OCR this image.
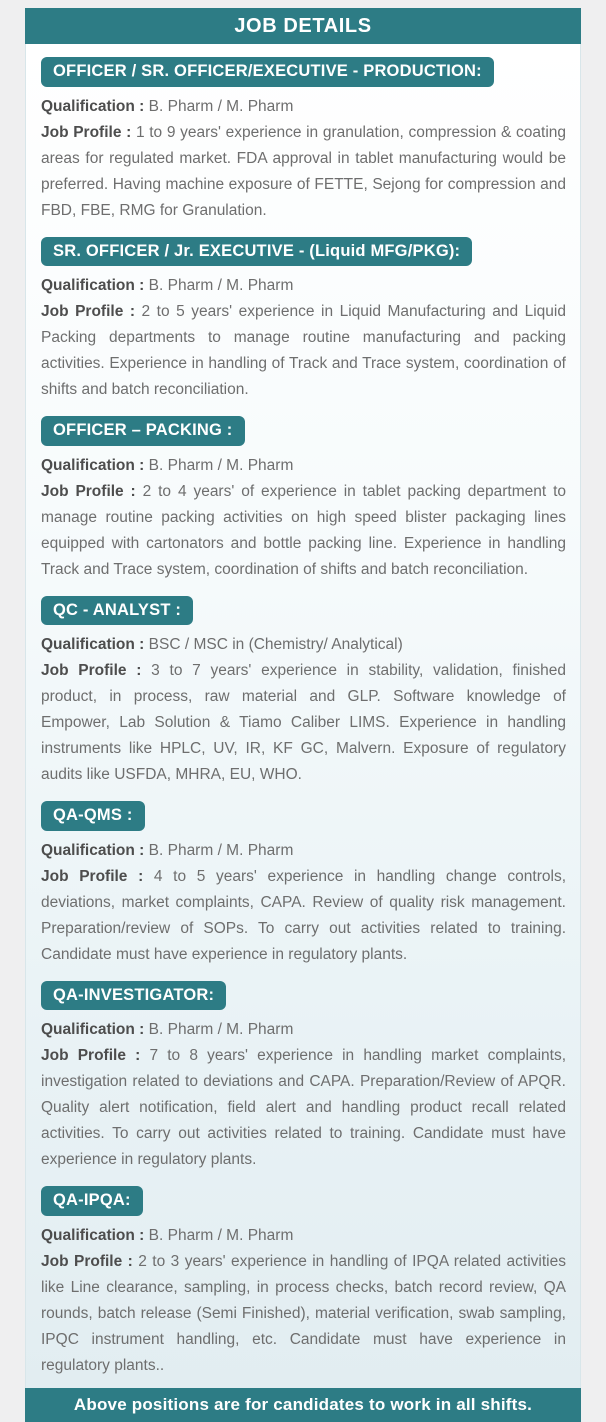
JOB DETAILS
OFFICER / SR. OFFICER/EXECUTIVE - PRODUCTION:

Qualification : B. Pharm / M. Pharm

Job Profile : 1 to 9 years' experience in granulation, compression & coating areas for regulated market. FDA approval in tablet manufacturing would be preferred. Having machine exposure of FETTE, Sejong for compression and FBD, FBE, RMG for Granulation.

SR. OFFICER / Jr. EXECUTIVE - (Liquid MFG/PKG):

Qualification : B. Pharm / M. Pharm

Job Profile : 2 to 5 years' experience in Liquid Manufacturing and Liquid Packing departments to manage routine manufacturing and packing activities. Experience in handling of Track and Trace system, coordination of shifts and batch reconciliation.

OFFICER – PACKING :

Qualification : B. Pharm / M. Pharm

Job Profile : 2 to 4 years' of experience in tablet packing department to manage routine packing activities on high speed blister packaging lines equipped with cartonators and bottle packing line. Experience in handling Track and Trace system, coordination of shifts and batch reconciliation.

QC - ANALYST :

Qualification : BSC / MSC in (Chemistry/ Analytical)

Job Profile : 3 to 7 years' experience in stability, validation, finished product, in process, raw material and GLP. Software knowledge of Empower, Lab Solution & Tiamo Caliber LIMS. Experience in handling instruments like HPLC, UV, IR, KF GC, Malvern. Exposure of regulatory audits like USFDA, MHRA, EU, WHO.

QA-QMS :

Qualification : B. Pharm / M. Pharm

Job Profile : 4 to 5 years' experience in handling change controls, deviations, market complaints, CAPA. Review of quality risk management. Preparation/review of SOPs. To carry out activities related to training. Candidate must have experience in regulatory plants.

QA-INVESTIGATOR:

Qualification : B. Pharm / M. Pharm

Job Profile : 7 to 8 years' experience in handling market complaints, investigation related to deviations and CAPA. Preparation/Review of APQR. Quality alert notification, field alert and handling product recall related activities. To carry out activities related to training. Candidate must have experience in regulatory plants.

QA-IPQA:

Qualification : B. Pharm / M. Pharm

Job Profile : 2 to 3 years' experience in handling of IPQA related activities like Line clearance, sampling, in process checks, batch record review, QA rounds, batch release (Semi Finished), material verification, swab sampling, IPQC instrument handling, etc. Candidate must have experience in regulatory plants..

Above positions are for candidates to work in all shifts.
